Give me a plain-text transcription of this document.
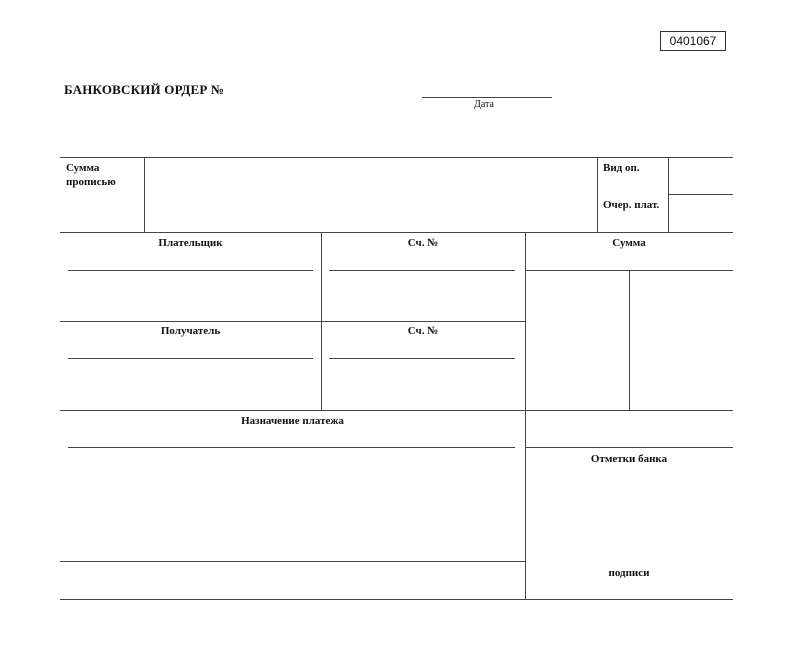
0401067
БАНКОВСКИЙ ОРДЕР №
Дата
Сумма
прописью
Вид оп.
Очер. плат.
Плательщик	Сч. №	Сумма
Получатель	Сч. №
Назначение платежа
Отметки банка
подписи
